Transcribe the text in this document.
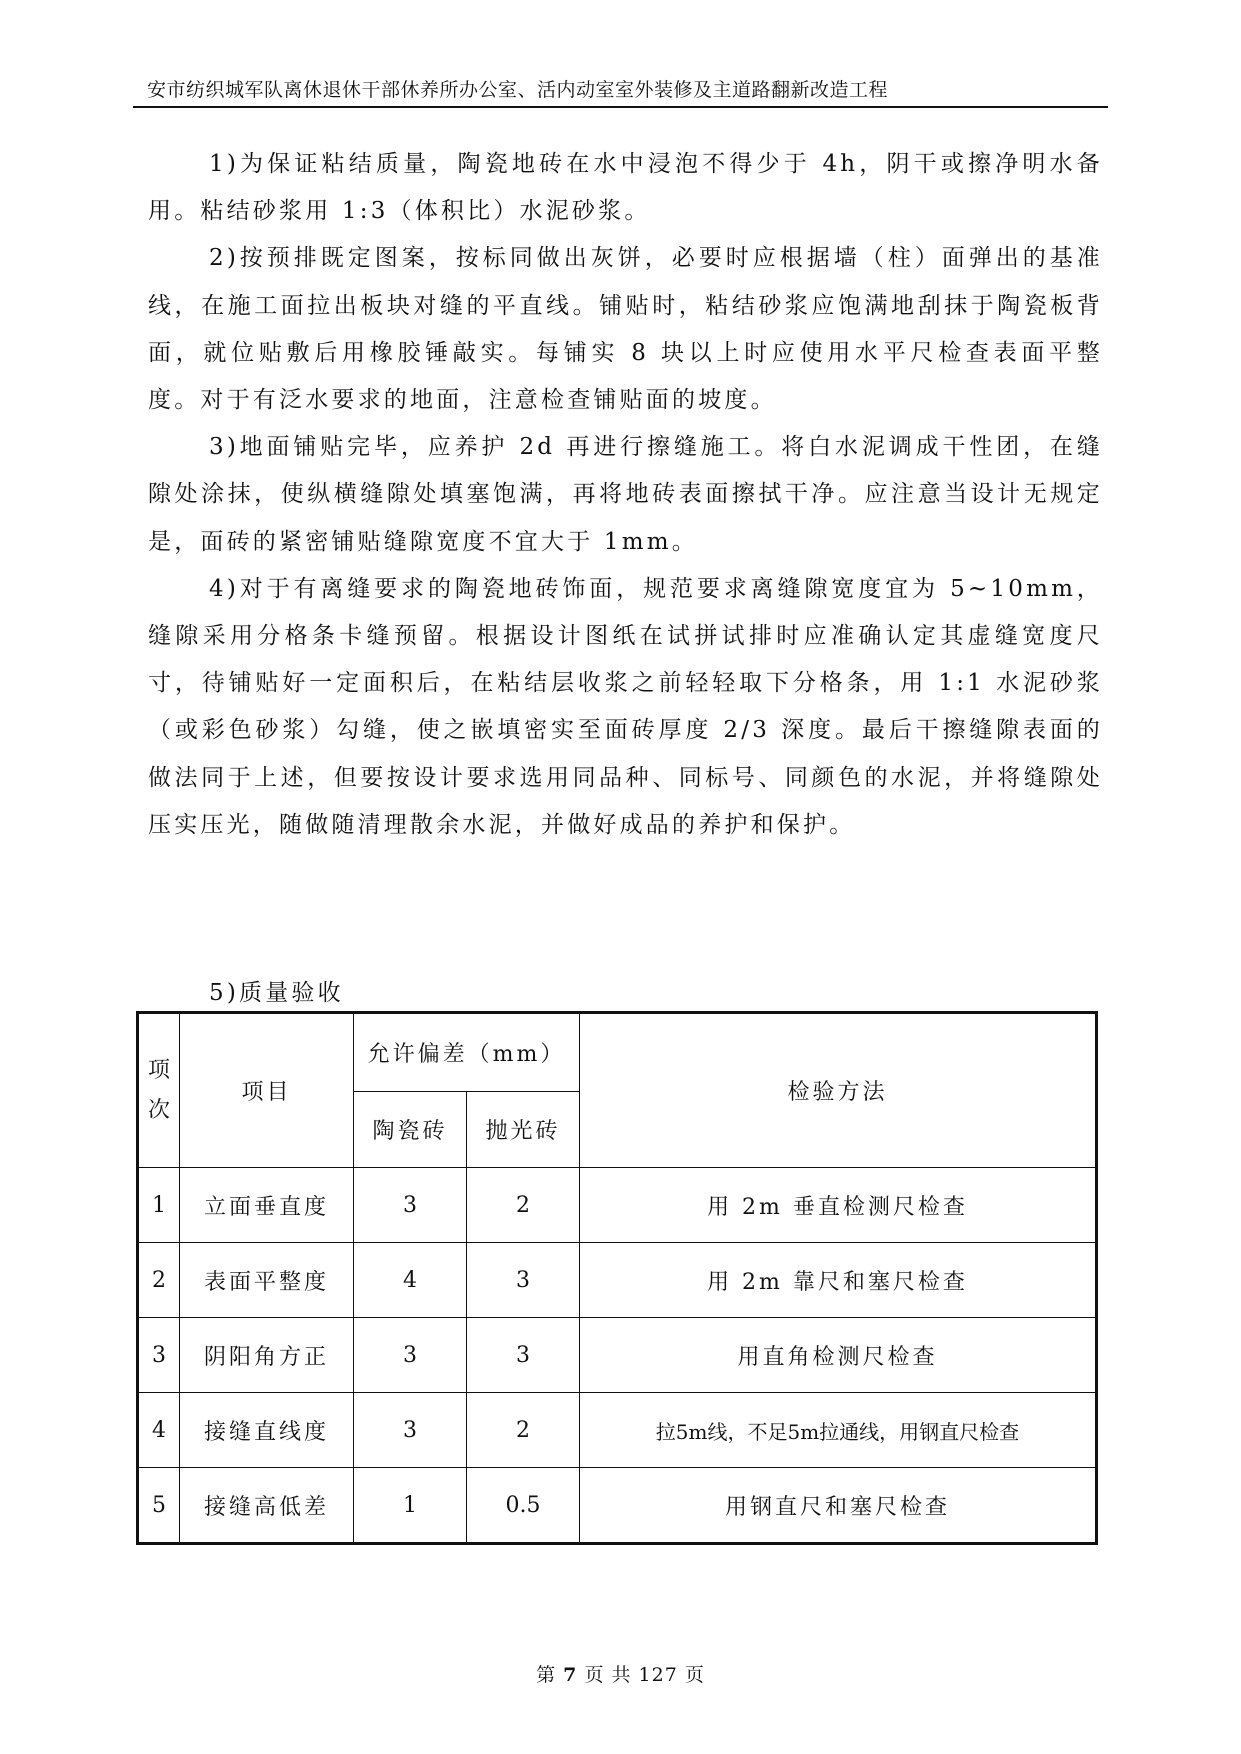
安市纺织城军队离休退休干部休养所办公室、活内动室室外装修及主道路翻新改造工程

1)为保证粘结质量，陶瓷地砖在水中浸泡不得少于 4h，阴干或擦净明水备用。粘结砂浆用 1:3（体积比）水泥砂浆。

2)按预排既定图案，按标同做出灰饼，必要时应根据墙（柱）面弹出的基准线，在施工面拉出板块对缝的平直线。铺贴时，粘结砂浆应饱满地刮抹于陶瓷板背面，就位贴敷后用橡胶锤敲实。每铺实 8 块以上时应使用水平尺检查表面平整度。对于有泛水要求的地面，注意检查铺贴面的坡度。

3)地面铺贴完毕，应养护 2d 再进行擦缝施工。将白水泥调成干性团，在缝隙处涂抹，使纵横缝隙处填塞饱满，再将地砖表面擦拭干净。应注意当设计无规定是，面砖的紧密铺贴缝隙宽度不宜大于 1mm。

4)对于有离缝要求的陶瓷地砖饰面，规范要求离缝隙宽度宜为 5~10mm，缝隙采用分格条卡缝预留。根据设计图纸在试拼试排时应准确认定其虚缝宽度尺寸，待铺贴好一定面积后，在粘结层收浆之前轻轻取下分格条，用 1:1 水泥砂浆（或彩色砂浆）勾缝，使之嵌填密实至面砖厚度 2/3 深度。最后干擦缝隙表面的做法同于上述，但要按设计要求选用同品种、同标号、同颜色的水泥，并将缝隙处压实压光，随做随清理散余水泥，并做好成品的养护和保护。

5)质量验收
项次	项目	允许偏差（mm）		检验方法
		陶瓷砖	抛光砖	
1	立面垂直度	3	2	用 2m 垂直检测尺检查
2	表面平整度	4	3	用 2m 靠尺和塞尺检查
3	阴阳角方正	3	3	用直角检测尺检查
4	接缝直线度	3	2	拉5m线，不足5m拉通线，用钢直尺检查
5	接缝高低差	1	0.5	用钢直尺和塞尺检查
第 7 页 共 127 页
